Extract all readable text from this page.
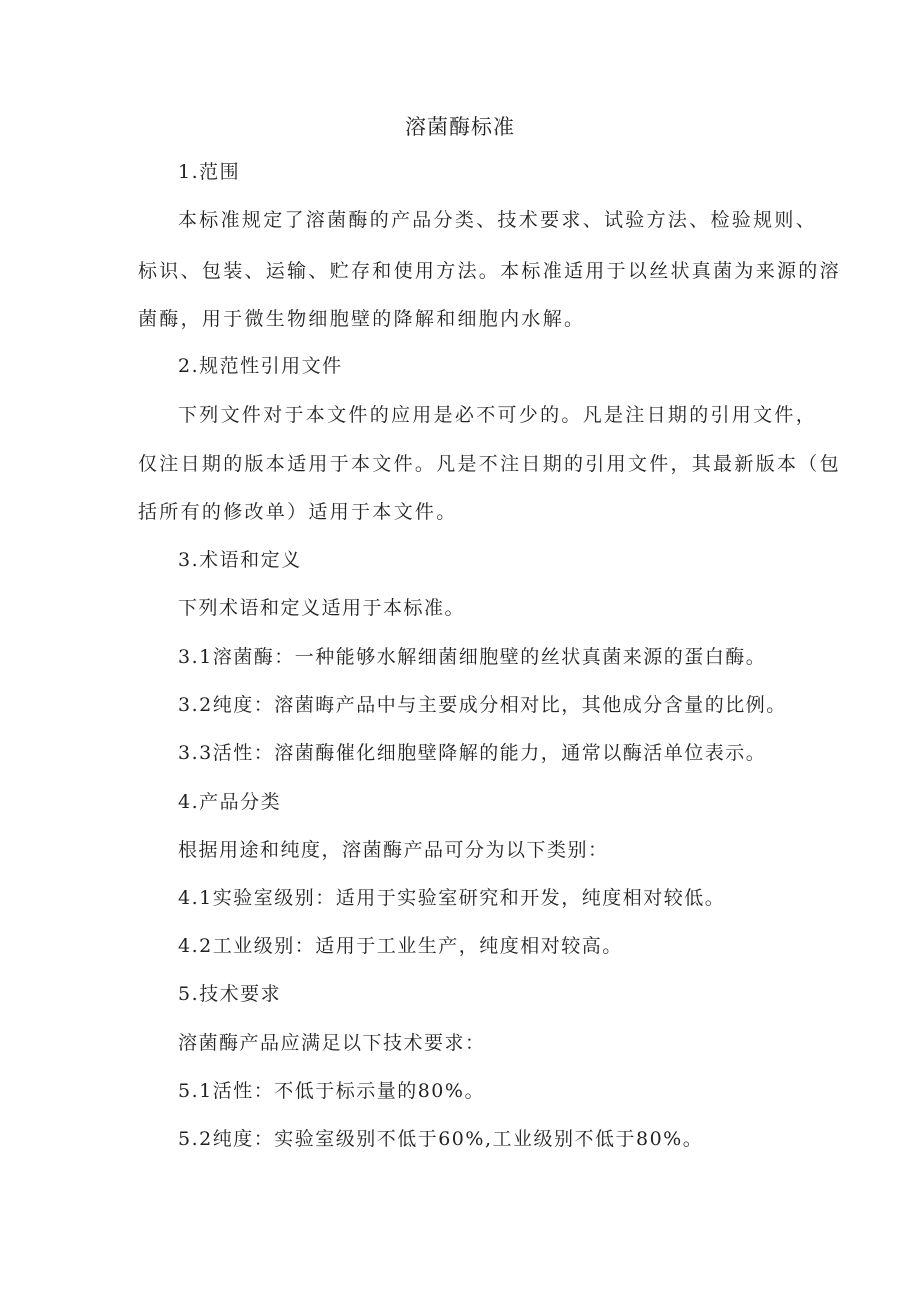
溶菌酶标准
1.范围
本标准规定了溶菌酶的产品分类、技术要求、试验方法、检验规则、
标识、包装、运输、贮存和使用方法。本标准适用于以丝状真菌为来源的溶
菌酶，用于微生物细胞壁的降解和细胞内水解。
2.规范性引用文件
下列文件对于本文件的应用是必不可少的。凡是注日期的引用文件，
仅注日期的版本适用于本文件。凡是不注日期的引用文件，其最新版本（包
括所有的修改单）适用于本文件。
3.术语和定义
下列术语和定义适用于本标准。
3.1溶菌酶：一种能够水解细菌细胞壁的丝状真菌来源的蛋白酶。
3.2纯度：溶菌晦产品中与主要成分相对比，其他成分含量的比例。
3.3活性：溶菌酶催化细胞壁降解的能力，通常以酶活单位表示。
4.产品分类
根据用途和纯度，溶菌酶产品可分为以下类别：
4.1实验室级别：适用于实验室研究和开发，纯度相对较低。
4.2工业级别：适用于工业生产，纯度相对较高。
5.技术要求
溶菌酶产品应满足以下技术要求：
5.1活性：不低于标示量的80%。
5.2纯度：实验室级别不低于60%,工业级别不低于80%。
